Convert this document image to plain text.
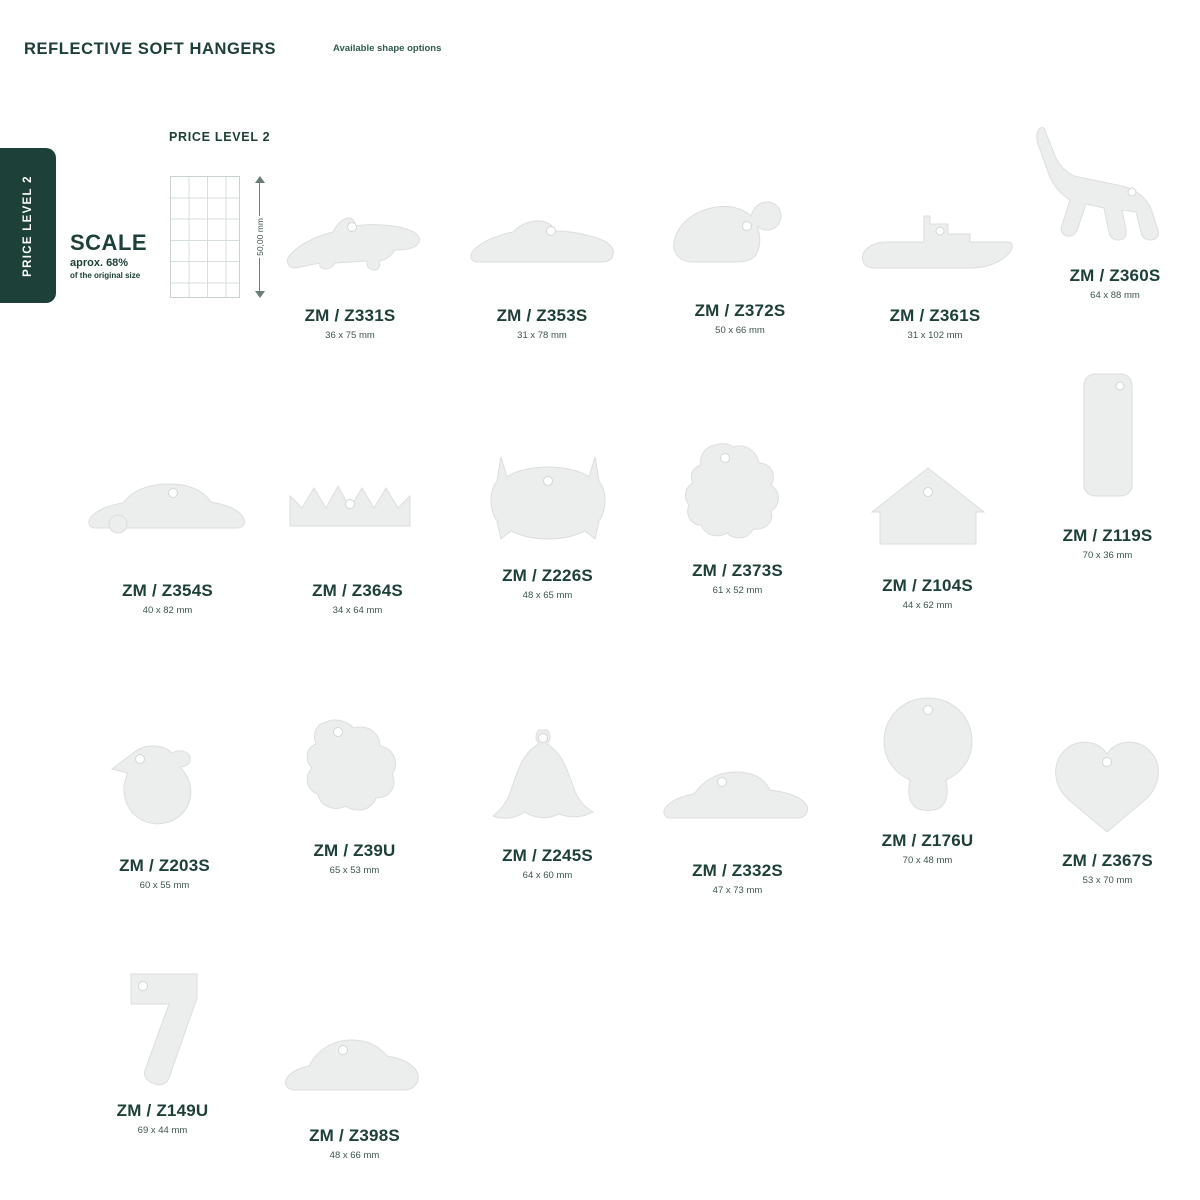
REFLECTIVE SOFT HANGERS	Available shape options
PRICE LEVEL 2
PRICE LEVEL 2
50,00 mm
SCALE
aprox. 68%
of the original size
ZM / Z331S
36 x 75 mm
ZM / Z353S
31 x 78 mm
ZM / Z372S
50 x 66 mm
ZM / Z361S
31 x 102 mm
ZM / Z360S
64 x 88 mm
ZM / Z354S
40 x 82 mm
ZM / Z364S
34 x 64 mm
ZM / Z226S
48 x 65 mm
ZM / Z373S
61 x 52 mm	ZM / Z104S
44 x 62 mm
ZM / Z119S
70 x 36 mm
ZM / Z203S
60 x 55 mm
ZM / Z39U
65 x 53 mm
ZM / Z245S
64 x 60 mm	ZM / Z332S
47 x 73 mm
ZM / Z176U
70 x 48 mm	ZM / Z367S
53 x 70 mm
ZM / Z149U
69 x 44 mm	ZM / Z398S
48 x 66 mm
